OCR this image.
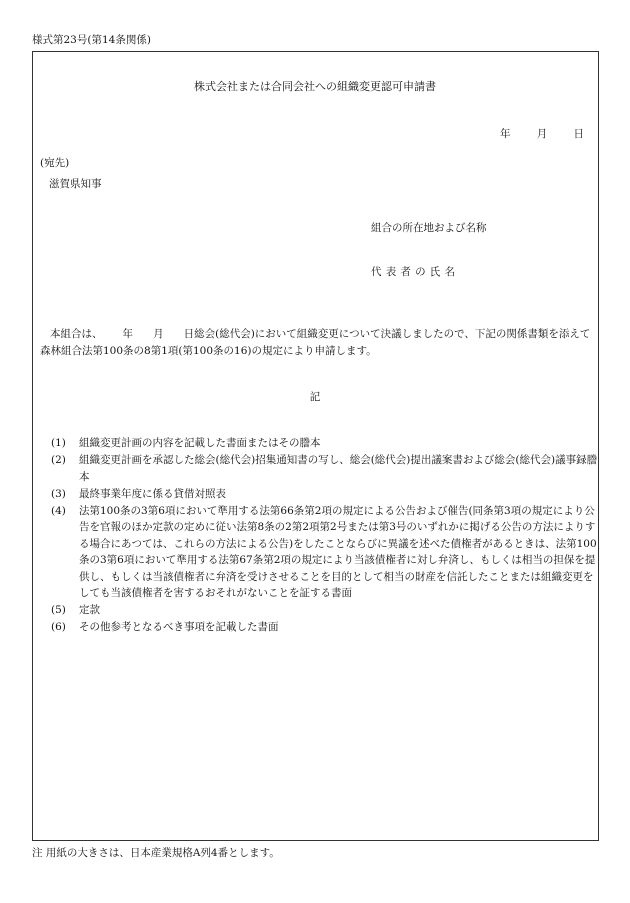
様式第23号(第14条関係)
株式会社または合同会社への組織変更認可申請書
年	月	日
(宛先)
滋賀県知事
組合の所在地および名称
代表者の氏名
本組合は、 年 月 日総会(総代会)において組織変更について決議しましたので、下記の関係書類を添えて森林組合法第100条の8第1項(第100条の16)の規定により申請します。
記
(1)	組織変更計画の内容を記載した書面またはその謄本
(2)	組織変更計画を承認した総会(総代会)招集通知書の写し、総会(総代会)提出議案書および総会(総代会)議事録謄本
(3)	最終事業年度に係る貸借対照表
(4)	法第100条の3第6項において準用する法第66条第2項の規定による公告および催告(同条第3項の規定により公告を官報のほか定款の定めに従い法第8条の2第2項第2号または第3号のいずれかに掲げる公告の方法によりする場合にあつては、これらの方法による公告)をしたことならびに異議を述べた債権者があるときは、法第100条の3第6項において準用する法第67条第2項の規定により当該債権者に対し弁済し、もしくは相当の担保を提供し、もしくは当該債権者に弁済を受けさせることを目的として相当の財産を信託したことまたは組織変更をしても当該債権者を害するおそれがないことを証する書面
(5)	定款
(6)	その他参考となるべき事項を記載した書面
注 用紙の大きさは、日本産業規格A列4番とします。
